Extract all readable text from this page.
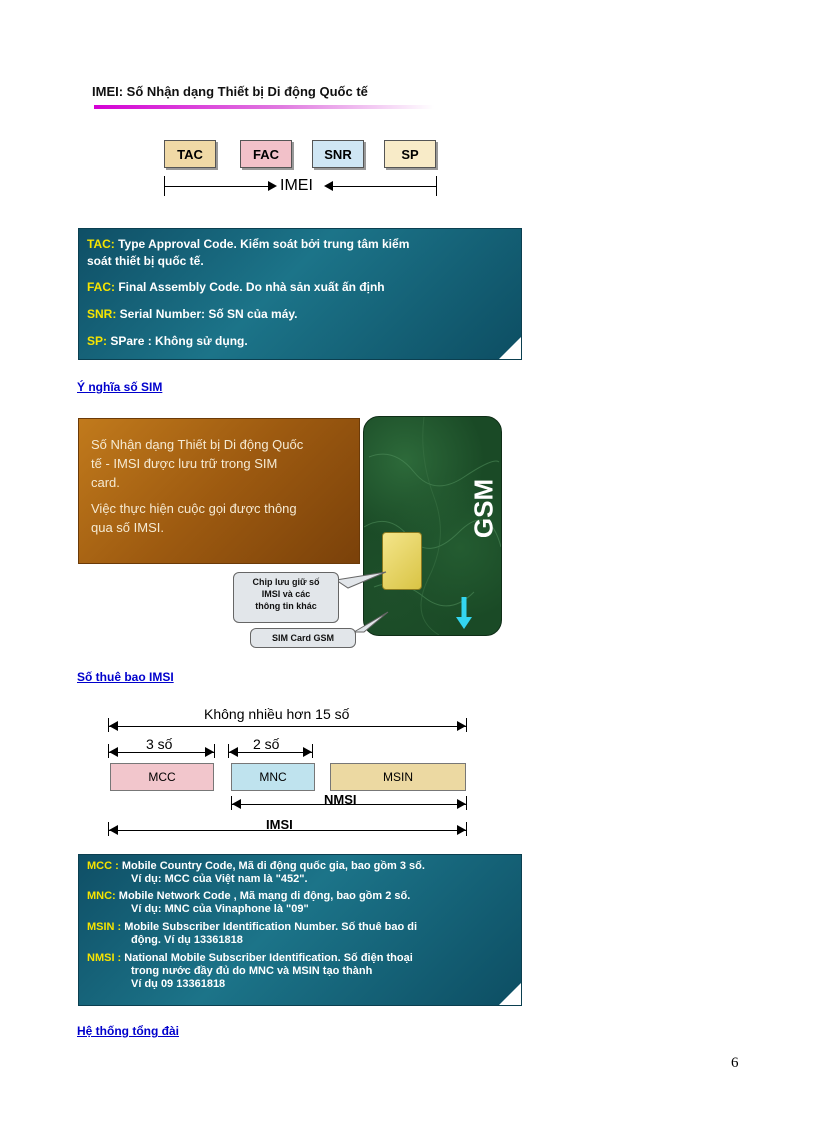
IMEI: Số Nhận dạng Thiết bị Di động Quốc tế
TAC	FAC	SNR	SP
IMEI
TAC: Type Approval Code. Kiểm soát bởi trung tâm kiểm
soát thiết bị quốc tế.
FAC: Final Assembly Code. Do nhà sản xuất ấn định
SNR: Serial Number: Số SN của máy.
SP: SPare : Không sử dụng.
Ý nghĩa số SIM
Số Nhận dạng Thiết bị Di động Quốc
tế - IMSI được lưu trữ trong SIM
card.
Việc thực hiện cuộc gọi được thông
qua số IMSI.	GSM
Chip lưu giữ số
IMSI và các
thông tin khác
SIM Card GSM
Số thuê bao IMSI
Không nhiều hơn 15 số
3 số	2 số
MCC	MNC	MSIN
NMSI
IMSI
MCC : Mobile Country Code, Mã di động quốc gia, bao gồm 3 số.
Ví dụ: MCC của Việt nam là "452".
MNC: Mobile Network Code , Mã mạng di động, bao gồm 2 số.
Ví dụ: MNC của Vinaphone là "09"
MSIN : Mobile Subscriber Identification Number. Số thuê bao di
động. Ví dụ 13361818
NMSI : National Mobile Subscriber Identification. Số điện thoại
trong nước đầy đủ do MNC và MSIN tạo thành
Ví dụ 09 13361818
Hệ thống tổng đài
6
